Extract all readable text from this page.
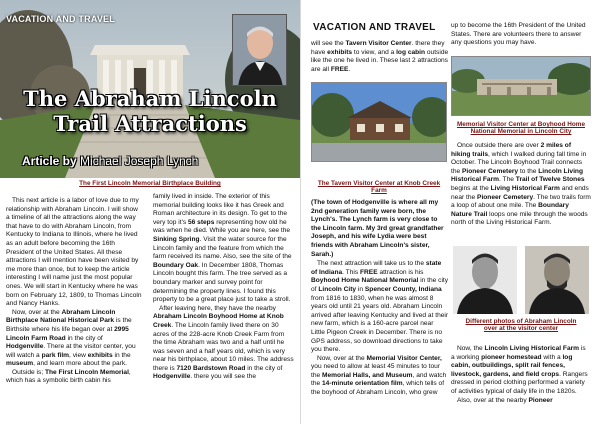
VACATION AND TRAVEL
The Abraham Lincoln
Trail Attractions
Article by Michael Joseph Lynch
The First Lincoln Memorial Birthplace Building

This next article is a labor of love due to my relationship with Abraham Lincoln. I will show a timeline of all the attractions along the way that have to do with Abraham Lincoln, from Kentucky to Indiana to Illinois, where he lived as an adult before becoming the 16th President of the United States. All these attractions I will mention have been visited by me more than once, but to keep the article interesting I will name just the most popular ones. We will start in Kentucky where he was born on February 12, 1809, to Thomas Lincoln and Nancy Hanks.

Now, over at the Abraham Lincoln Birthplace National Historical Park is the Birthsite where his life began over at 2995 Lincoln Farm Road in the city of Hodgenville. There at the visitor center, you will watch a park film, view exhibits in the museum, and learn more about the park.

Outside is; The First Lincoln Memorial, which has a symbolic birth cabin his

family lived in inside. The exterior of this memorial building looks like it has Greek and Roman architecture in its design. To get to the very top it's 56 steps representing how old he was when he died. While you are here, see the Sinking Spring. Visit the water source for the Lincoln family and the feature from which the farm received its name. Also, see the site of the Boundary Oak. In December 1808, Thomas Lincoln bought this farm. The tree served as a boundary marker and survey point for determining the property lines. I found this property to be a great place just to take a stroll.

After leaving here, they have the nearby Abraham Lincoln Boyhood Home at Knob Creek. The Lincoln family lived there on 30 acres of the 228-acre Knob Creek Farm from the time Abraham was two and a half until he was seven and a half years old, which is very near his birthplace, about 10 miles. The address there is 7120 Bardstown Road in the city of Hodgenville. there you will see the

VACATION AND TRAVEL

will see the Tavern Visitor Center. there they have exhibits to view, and a log cabin outside like the one he lived in. These last 2 attractions are all FREE.

The Tavern Visitor Center at Knob Creek Farm

(The town of Hodgenville is where all my 2nd generation family were born, the Lynch's. The Lynch farm is very close to the Lincoln farm. My 3rd great grandfather Joseph, and his wife Lydia were best friends with Abraham Lincoln's sister, Sarah.)

The next attraction will take us to the state of Indiana. This FREE attraction is his Boyhood Home National Memorial in the city of Lincoln City in Spencer County, Indiana from 1816 to 1830, when he was almost 8 years old until 21 years old. Abraham Lincoln arrived after leaving Kentucky and lived at their new farm, which is a 160-acre parcel near Little Pigeon Creek in December. There is no GPS address, so download directions to take you there.

Now, over at the Memorial Visitor Center, you need to allow at least 45 minutes to tour the Memorial Halls, and Museum, and watch the 14-minute orientation film, which tells of the boyhood of Abraham Lincoln, who grew

up to become the 16th President of the United States. There are volunteers there to answer any questions you may have.

Memorial Visitor Center at Boyhood Home
National Memorial in Lincoln City

Once outside there are over 2 miles of hiking trails, which I walked during fall time in October. The Lincoln Boyhood Trail connects the Pioneer Cemetery to the Lincoln Living Historical Farm. The Trail of Twelve Stones begins at the Living Historical Farm and ends near the Pioneer Cemetery. The two trails form a loop of about one mile. The Boundary Nature Trail loops one mile through the woods north of the Living Historical Farm.

Different photos of Abraham Lincoln
over at the visitor center

Now, the Lincoln Living Historical Farm is a working pioneer homestead with a log cabin, outbuildings, split rail fences, livestock, gardens, and field crops. Rangers dressed in period clothing performed a variety of activities typical of daily life in the 1820s.

Also, over at the nearby Pioneer
